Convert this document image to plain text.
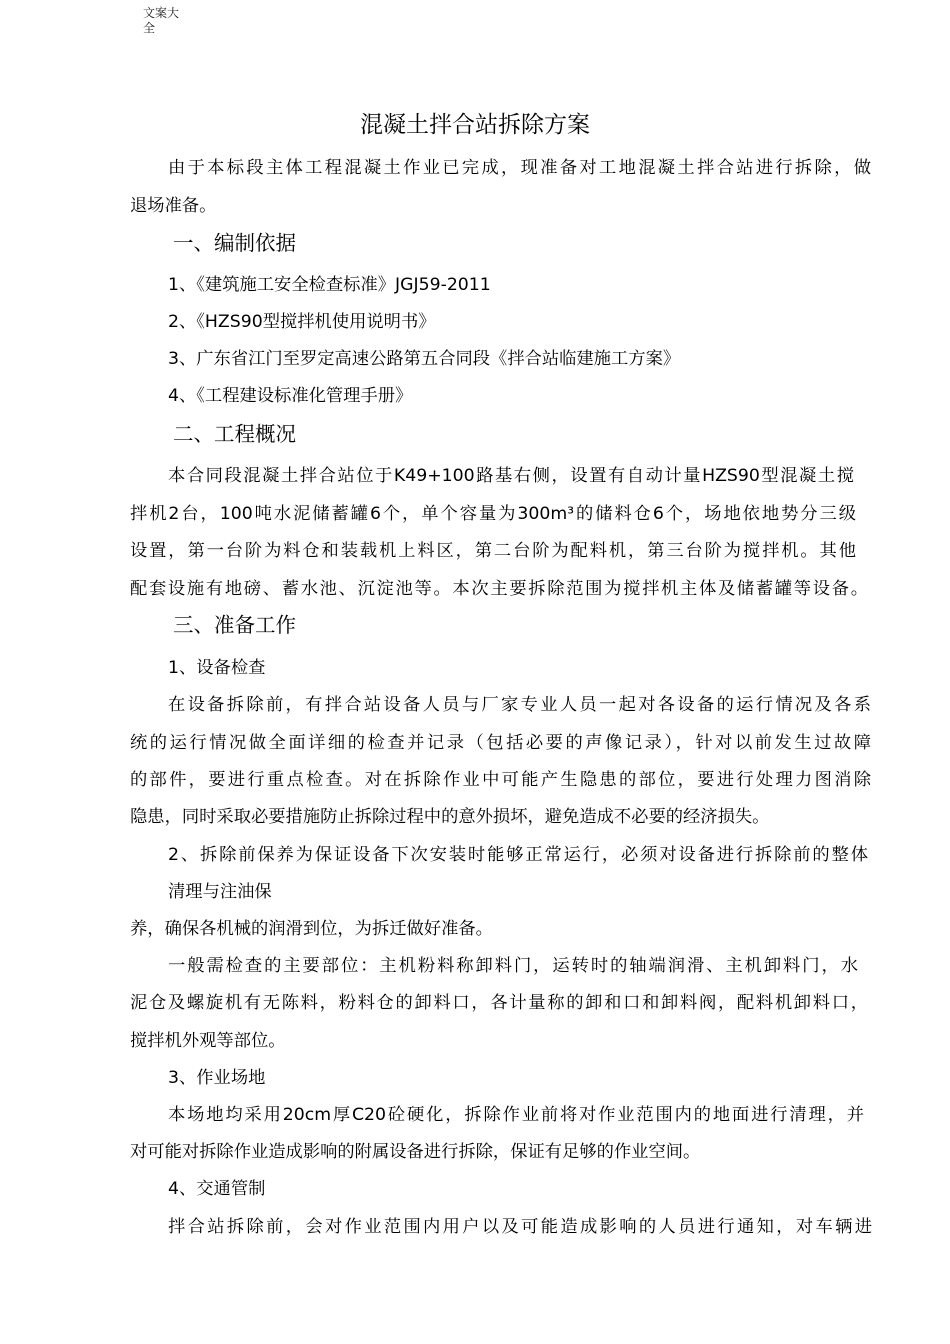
文案大全
混凝土拌合站拆除方案
由于本标段主体工程混凝土作业已完成，现准备对工地混凝土拌合站进行拆除，做
退场准备。
一、编制依据
1、《建筑施工安全检查标准》JGJ59-2011
2、《HZS90型搅拌机使用说明书》
3、广东省江门至罗定高速公路第五合同段《拌合站临建施工方案》
4、《工程建设标准化管理手册》
二、工程概况
本合同段混凝土拌合站位于K49+100路基右侧，设置有自动计量HZS90型混凝土搅
拌机2台，100吨水泥储蓄罐6个，单个容量为300m³的储料仓6个，场地依地势分三级
设置，第一台阶为料仓和装载机上料区，第二台阶为配料机，第三台阶为搅拌机。其他
配套设施有地磅、蓄水池、沉淀池等。本次主要拆除范围为搅拌机主体及储蓄罐等设备。
三、准备工作
1、设备检查
在设备拆除前，有拌合站设备人员与厂家专业人员一起对各设备的运行情况及各系
统的运行情况做全面详细的检查并记录（包括必要的声像记录），针对以前发生过故障
的部件，要进行重点检查。对在拆除作业中可能产生隐患的部位，要进行处理力图消除
隐患，同时采取必要措施防止拆除过程中的意外损坏，避免造成不必要的经济损失。
2、拆除前保养为保证设备下次安装时能够正常运行，必须对设备进行拆除前的整体
清理与注油保
养，确保各机械的润滑到位，为拆迁做好准备。
一般需检查的主要部位：主机粉料称卸料门，运转时的轴端润滑、主机卸料门，水
泥仓及螺旋机有无陈料，粉料仓的卸料口，各计量称的卸和口和卸料阀，配料机卸料口，
搅拌机外观等部位。
3、作业场地
本场地均采用20cm厚C20砼硬化，拆除作业前将对作业范围内的地面进行清理，并
对可能对拆除作业造成影响的附属设备进行拆除，保证有足够的作业空间。
4、交通管制
拌合站拆除前，会对作业范围内用户以及可能造成影响的人员进行通知，对车辆进
